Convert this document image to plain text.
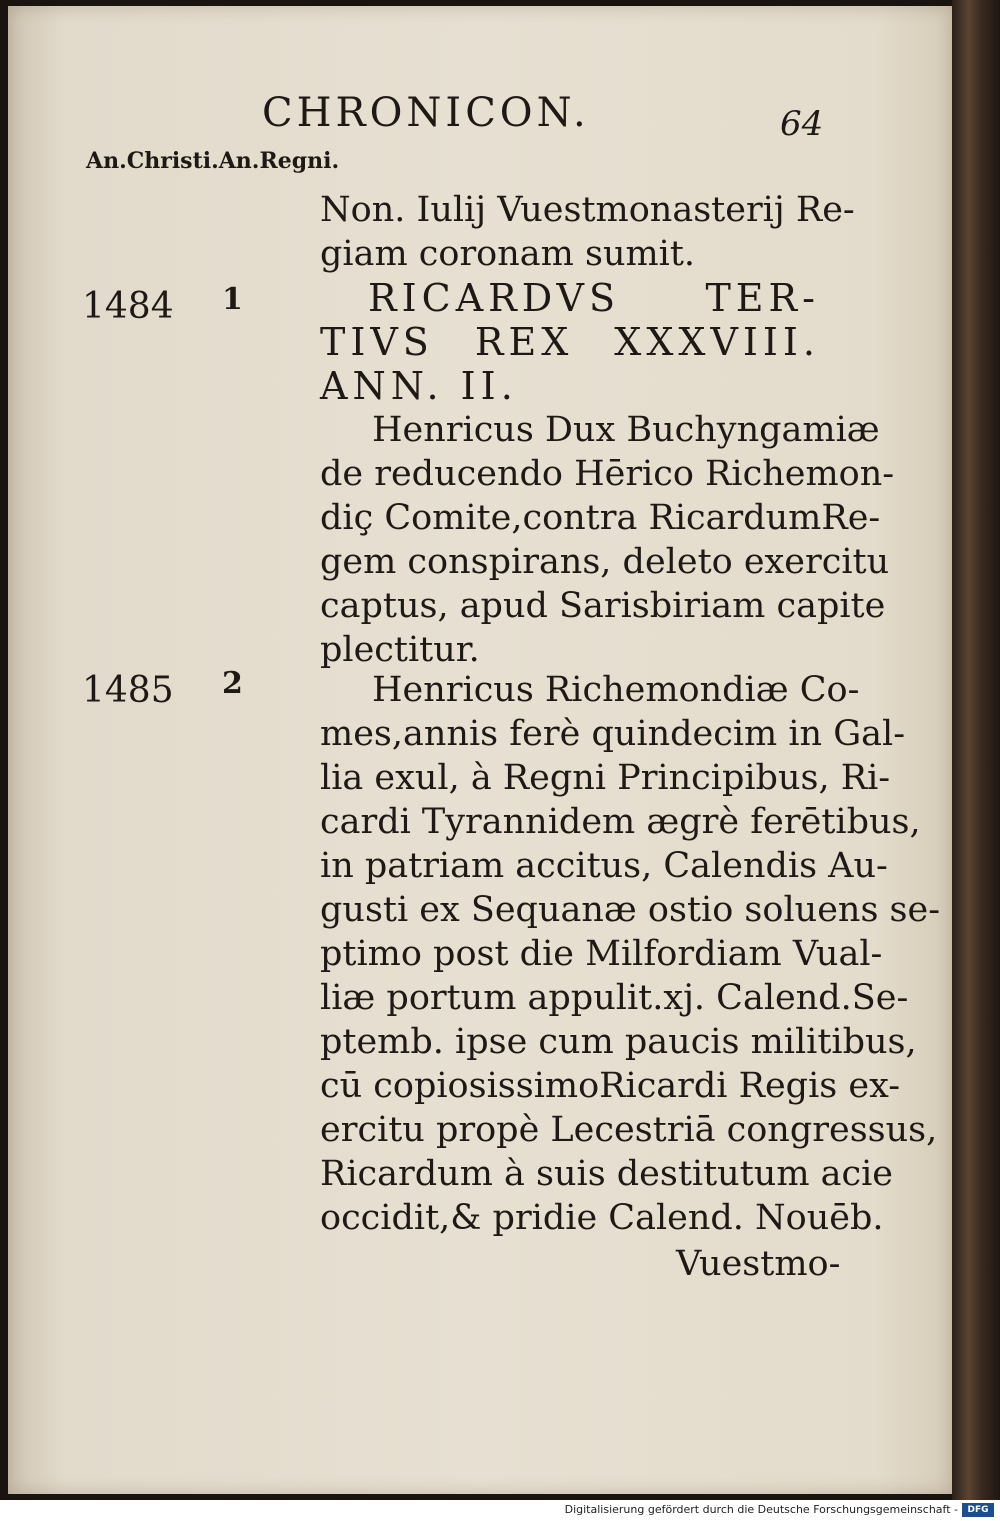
CHRONICON.	64
An.Christi.An.Regni.
Non. Iulij Vuestmonasterij Re-
giam coronam sumit.
1484 1	RICARDVS TER-
TIVS REX XXXVIII.
ANN. II.
Henricus Dux Buchyngamiæ
de reducendo Hērico Richemon-
diç Comite,contra RicardumRe-
gem conspirans, deleto exercitu
captus, apud Sarisbiriam capite
plectitur.
1485 2	Henricus Richemondiæ Co-
mes,annis ferè quindecim in Gal-
lia exul, à Regni Principibus, Ri-
cardi Tyrannidem ægrè ferētibus,
in patriam accitus, Calendis Au-
gusti ex Sequanæ ostio soluens se-
ptimo post die Milfordiam Vual-
liæ portum appulit.xj. Calend.Se-
ptemb. ipse cum paucis militibus,
cū copiosissimoRicardi Regis ex-
ercitu propè Lecestriā congressus,
Ricardum à suis destitutum acie
occidit,& pridie Calend. Nouēb.
Vuestmo-
Digitalisierung gefördert durch die Deutsche Forschungsgemeinschaft -	DFG
